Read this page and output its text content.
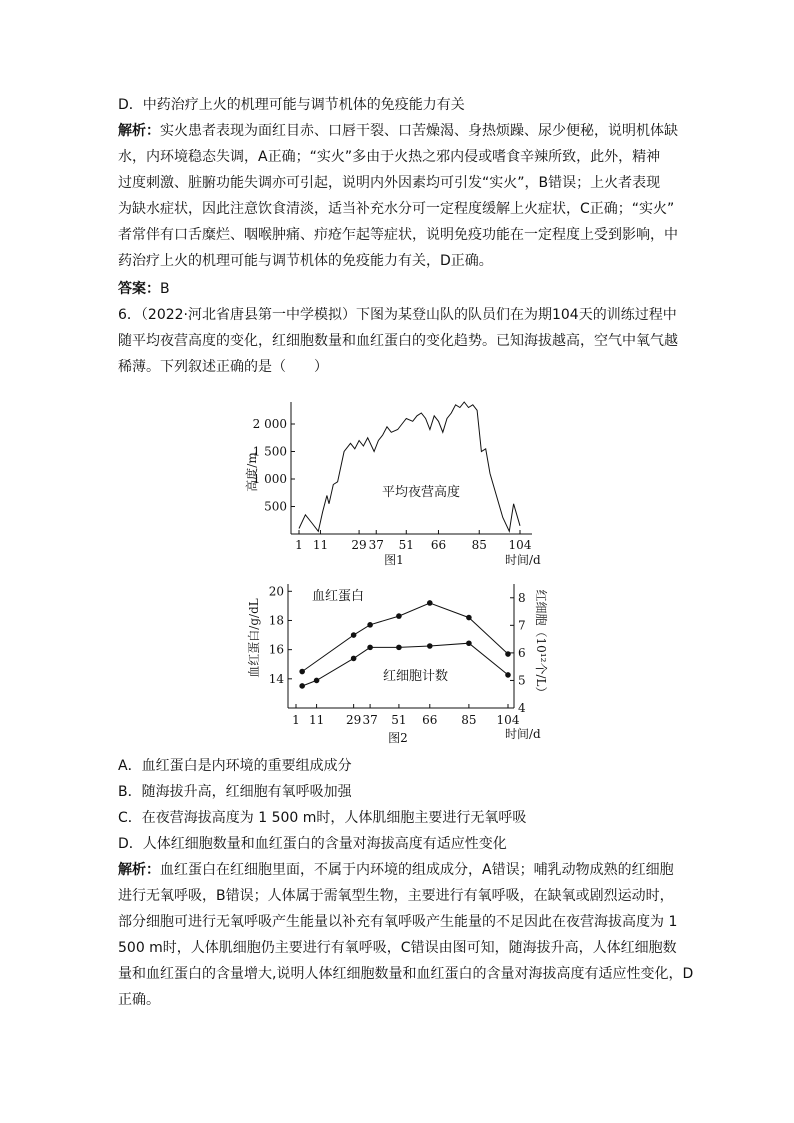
D．中药治疗上火的机理可能与调节机体的免疫能力有关
解析：实火患者表现为面红目赤、口唇干裂、口苦燥渴、身热烦躁、尿少便秘，说明机体缺
水，内环境稳态失调，A正确；“实火”多由于火热之邪内侵或嗜食辛辣所致，此外，精神
过度刺激、脏腑功能失调亦可引起，说明内外因素均可引发“实火”，B错误；上火者表现
为缺水症状，因此注意饮食清淡，适当补充水分可一定程度缓解上火症状，C正确；“实火”
者常伴有口舌糜烂、咽喉肿痛、疖疮乍起等症状，说明免疫功能在一定程度上受到影响，中
药治疗上火的机理可能与调节机体的免疫能力有关，D正确。
答案：B
6．（2022·河北省唐县第一中学模拟）下图为某登山队的队员们在为期104天的训练过程中
随平均夜营高度的变化，红细胞数量和血红蛋白的变化趋势。已知海拔越高，空气中氧气越
稀薄。下列叙述正确的是（　　）
500
1 000
1 500
2 000
1 11 29 37 51 66 85 104
平均夜营高度
高度/m
时间/d
图1
14
16
18
20
4
5
6
7
8
1 11 29 37 51 66 85 104
血红蛋白
红细胞计数
血红蛋白/g/dL	红细胞（10¹²个/L）
时间/d
图2
A．血红蛋白是内环境的重要组成成分
B．随海拔升高，红细胞有氧呼吸加强
C．在夜营海拔高度为 1 500 m时，人体肌细胞主要进行无氧呼吸
D．人体红细胞数量和血红蛋白的含量对海拔高度有适应性变化
解析：血红蛋白在红细胞里面，不属于内环境的组成成分，A错误；哺乳动物成熟的红细胞
进行无氧呼吸，B错误；人体属于需氧型生物，主要进行有氧呼吸，在缺氧或剧烈运动时，
部分细胞可进行无氧呼吸产生能量以补充有氧呼吸产生能量的不足因此在夜营海拔高度为 1
500 m时，人体肌细胞仍主要进行有氧呼吸，C错误由图可知，随海拔升高，人体红细胞数
量和血红蛋白的含量增大,说明人体红细胞数量和血红蛋白的含量对海拔高度有适应性变化，D
正确。
